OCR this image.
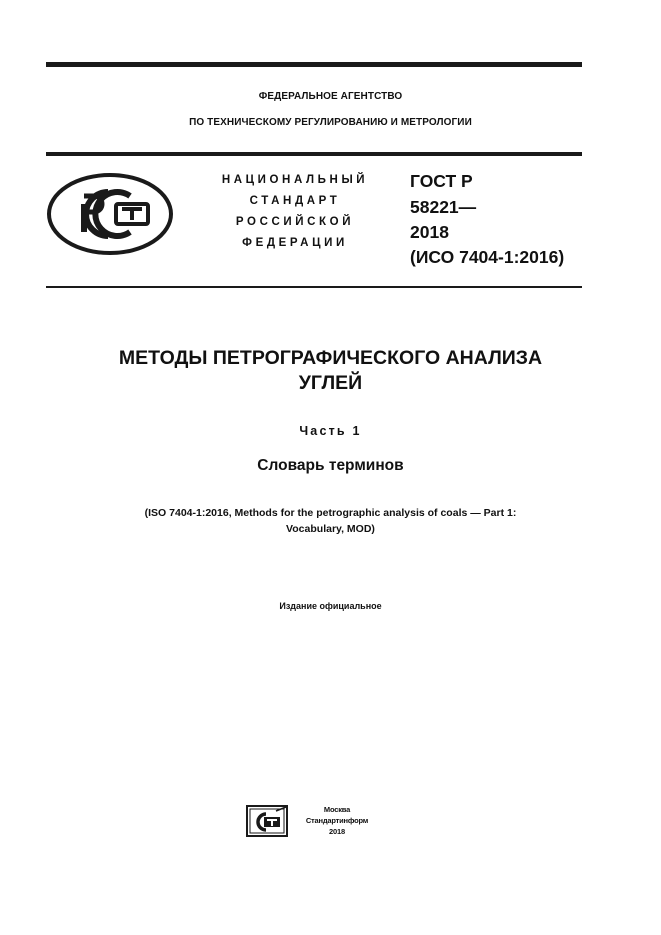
ФЕДЕРАЛЬНОЕ АГЕНТСТВО
ПО ТЕХНИЧЕСКОМУ РЕГУЛИРОВАНИЮ И МЕТРОЛОГИИ
НАЦИОНАЛЬНЫЙ
СТАНДАРТ
РОССИЙСКОЙ
ФЕДЕРАЦИИ
ГОСТ Р
58221—
2018
(ИСО 7404-1:2016)
МЕТОДЫ ПЕТРОГРАФИЧЕСКОГО АНАЛИЗА
УГЛЕЙ
Часть 1
Словарь терминов
(ISO 7404-1:2016, Methods for the petrographic analysis of coals — Part 1:
Vocabulary, MOD)
Издание официальное
Москва
Стандартинформ
2018
